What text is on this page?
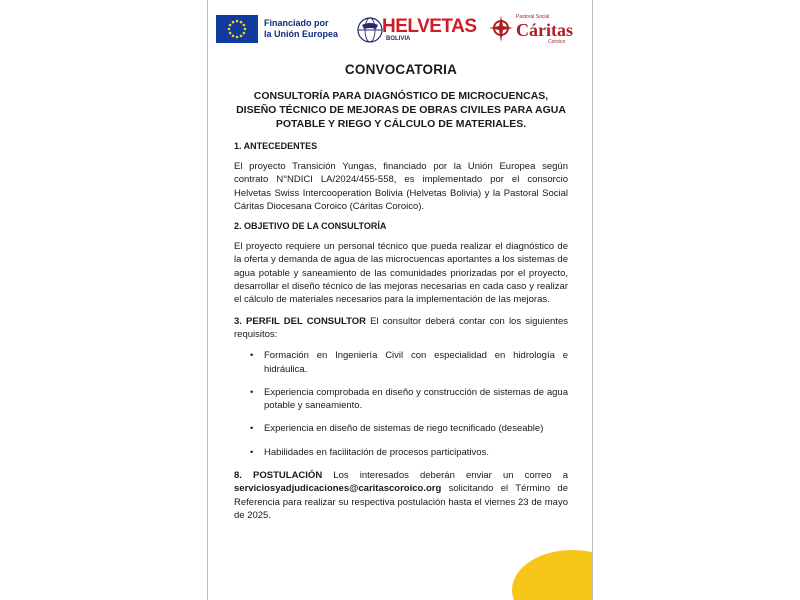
Financiado por
la Unión Europea HELVETAS
BOLIVIA
Pastoral Social
Cáritas
Coroico
CONVOCATORIA
CONSULTORÍA PARA DIAGNÓSTICO DE MICROCUENCAS, DISEÑO TÉCNICO DE MEJORAS DE OBRAS CIVILES PARA AGUA POTABLE Y RIEGO Y CÁLCULO DE MATERIALES.
1. ANTECEDENTES

El proyecto Transición Yungas, financiado por la Unión Europea según contrato N°NDICI LA/2024/455-558, es implementado por el consorcio Helvetas Swiss Intercooperation Bolivia (Helvetas Bolivia) y la Pastoral Social Cáritas Diocesana Coroico (Cáritas Coroico).

2. OBJETIVO DE LA CONSULTORÍA

El proyecto requiere un personal técnico que pueda realizar el diagnóstico de la oferta y demanda de agua de las microcuencas aportantes a los sistemas de agua potable y saneamiento de las comunidades priorizadas por el proyecto, desarrollar el diseño técnico de las mejoras necesarias en cada caso y realizar el cálculo de materiales necesarios para la implementación de las mejoras.

3. PERFIL DEL CONSULTOR El consultor deberá contar con los siguientes requisitos:

• Formación en Ingeniería Civil con especialidad en hidrología e hidráulica.
• Experiencia comprobada en diseño y construcción de sistemas de agua potable y saneamiento.
• Experiencia en diseño de sistemas de riego tecnificado (deseable)
• Habilidades en facilitación de procesos participativos.

8. POSTULACIÓN Los interesados deberán enviar un correo a serviciosyadjudicaciones@caritascoroico.org solicitando el Término de Referencia para realizar su respectiva postulación hasta el viernes 23 de mayo de 2025.
